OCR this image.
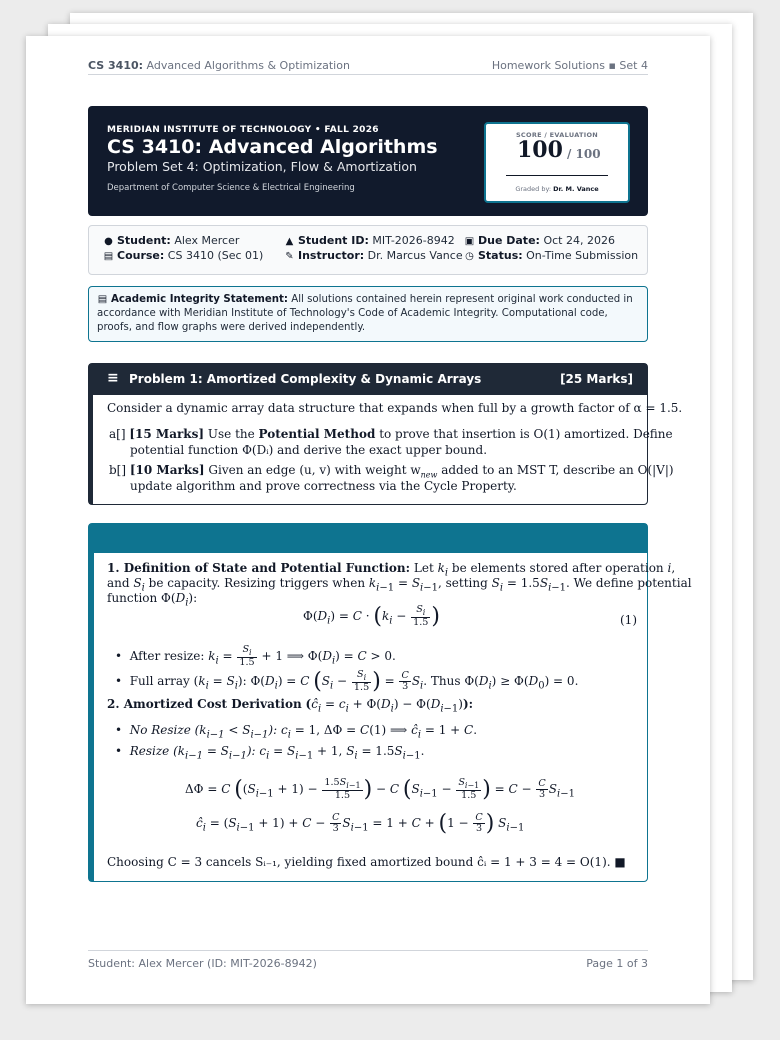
CS 3410: Advanced Algorithms & Optimization	Homework Solutions ▪ Set 4
MERIDIAN INSTITUTE OF TECHNOLOGY • FALL 2026
CS 3410: Advanced Algorithms
Problem Set 4: Optimization, Flow & Amortization
Department of Computer Science & Electrical Engineering
SCORE / EVALUATION
100 / 100
Graded by: Dr. M. Vance
● Student: Alex Mercer	▲ Student ID: MIT-2026-8942 ▣ Due Date: Oct 24, 2026
▤ Course: CS 3410 (Sec 01) ✎ Instructor: Dr. Marcus Vance ◷ Status: On-Time Submission
▤ Academic Integrity Statement: All solutions contained herein represent original work conducted in accordance with Meridian Institute of Technology's Code of Academic Integrity. Computational code, proofs, and flow graphs were derived independently.
≡ Problem 1: Amortized Complexity & Dynamic Arrays	[25 Marks]
Consider a dynamic array data structure that expands when full by a growth factor of α = 1.5.
a[] [15 Marks] Use the Potential Method to prove that insertion is O(1) amortized. Define
potential function Φ(Dᵢ) and derive the exact upper bound.
b[] [10 Marks] Given an edge (u, v) with weight $w_{new}$ added to an MST T, describe an O(|V|)
update algorithm and prove correctness via the Cycle Property.
1. Definition of State and Potential Function: Let $k_i$ be elements stored after operation i,
and $S_i$ be capacity. Resizing triggers when $k_{i-1} = S_{i-1}$, setting $S_i = 1.5S_{i-1}$. We define potential
function $\Phi(D_i)$:
$\Phi(D_i) = C \cdot (k_i - \frac{S_i}{1.5}$ )	(1)
•  After resize: $k_i = \frac{S_i}{1.5} + 1$ ⟹ $\Phi(D_i) = C > 0$.
•  Full array $(k_i = S_i)$: $\Phi(D_i) = C$ ($S_i - \frac{S_i}{1.5}$ ) = $\frac{C}{3} S_i$. Thus $\Phi(D_i) \ge \Phi(D_0) = 0$.
2. Amortized Cost Derivation $(ĉ_i = c_i + \Phi(D_i) - \Phi(D_{i-1}))$:
•  No Resize $(k_{i-1} < S_{i-1})$: $c_i = 1$, ΔΦ = C(1) ⟹ $ĉ_i = 1 + C$.
•  Resize $(k_{i-1} = S_{i-1})$: $c_i = S_{i-1} + 1$, $S_i = 1.5S_{i-1}$.
ΔΦ = C ($(S_{i-1} + 1) - \frac{1.5S_{i-1}}{1.5}$ ) − C ($S_{i-1} - \frac{S_{i-1}}{1.5}$ ) = $C - \frac{C}{3} S_{i-1}$
$ĉ_i = (S_{i-1} + 1) + C - \frac{C}{3} S_{i-1} = 1 + C + (1 - \frac{C}{3}$ ) $S_{i-1}$
Choosing C = 3 cancels Sᵢ₋₁, yielding fixed amortized bound ĉᵢ = 1 + 3 = 4 = O(1). ■
Student: Alex Mercer (ID: MIT-2026-8942)	Page 1 of 3
